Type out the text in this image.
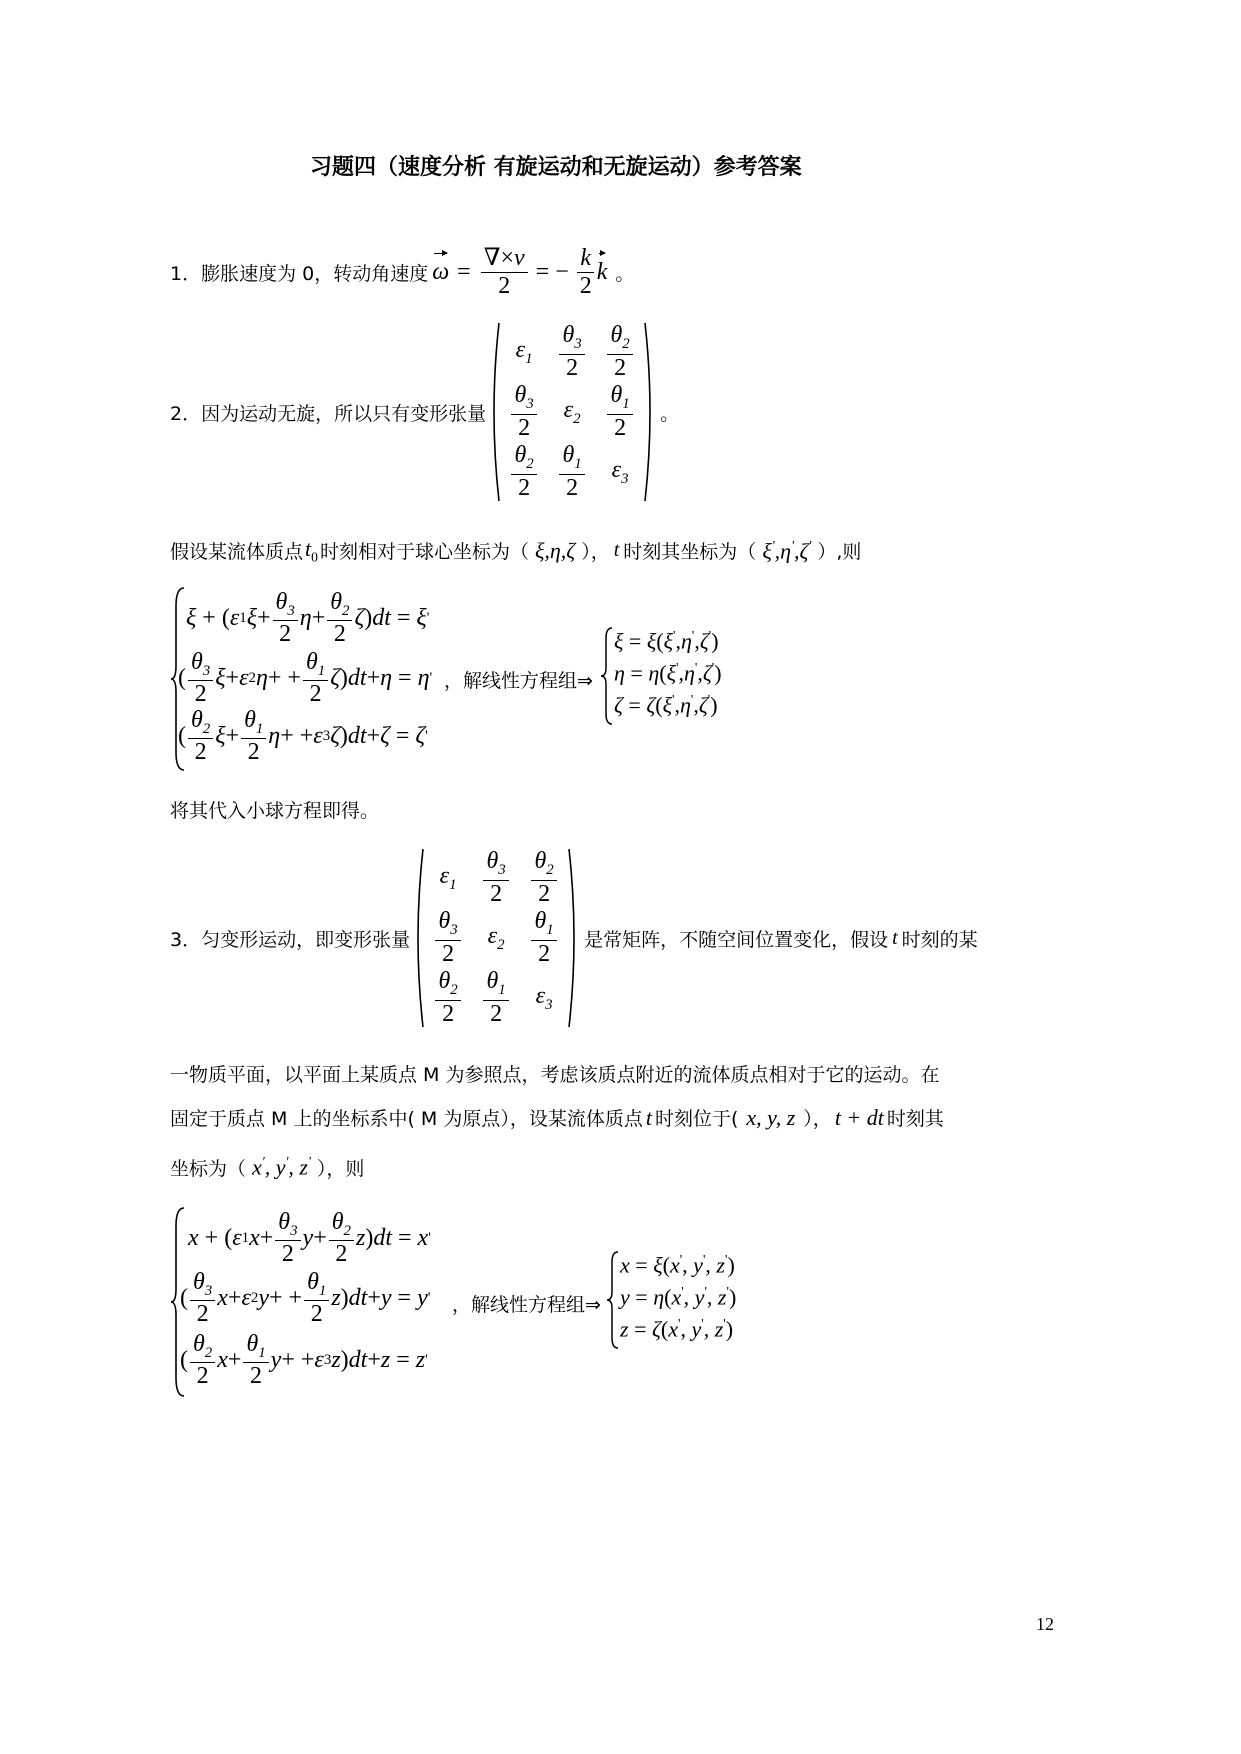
习题四（速度分析 有旋运动和无旋运动）参考答案
1．膨胀速度为 0，转动角速度 $\omega = \frac{\nabla\times v}{2}$ = − $\frac{k}{2}$ k 。
2．因为运动无旋，所以只有变形张量
$\varepsilon_1 \frac{\theta_3}{2} \frac{\theta_2}{2}$
$\frac{\theta_3}{2} \varepsilon_2 \frac{\theta_1}{2}$
$\frac{\theta_2}{2} \frac{\theta_1}{2} \varepsilon_3$
。
假设某流体质点 $t_0$ 时刻相对于球心坐标为（ ξ,η,ζ ）， t 时刻其坐标为（ ξ',η',ζ' ）,则
ξ + ( ε 1 $\xi + \frac{\theta_3}{2}$ $\eta + \frac{\theta_2}{2}$ ζ ) dt = ξ '
( $\frac{\theta_3}{2}$ ξ + ε 2 η + + $\frac{\theta_1}{2}$ ζ ) dt + η = η '
( $\frac{\theta_2}{2}$ $\xi + \frac{\theta_1}{2}$ η + + ε 3 ζ ) dt + ζ = ζ '
，解线性方程组⇒
ξ = ξ(ξ',η',ζ')
η = η(ξ',η',ζ')
ζ = ζ(ξ',η',ζ')
将其代入小球方程即得。
3．匀变形运动，即变形张量
$\varepsilon_1 \frac{\theta_3}{2} \frac{\theta_2}{2}$
$\frac{\theta_3}{2} \varepsilon_2 \frac{\theta_1}{2}$
$\frac{\theta_2}{2} \frac{\theta_1}{2} \varepsilon_3$
是常矩阵，不随空间位置变化，假设 t 时刻的某
一物质平面，以平面上某质点 M 为参照点，考虑该质点附近的流体质点相对于它的运动。在
固定于质点 M 上的坐标系中( M 为原点），设某流体质点 t 时刻位于( x, y, z ）， t + dt 时刻其
坐标为（ x', y', z' ），则
x + ( ε 1 $x + \frac{\theta_3}{2}$ $y + \frac{\theta_2}{2}$ z ) dt = x '
( $\frac{\theta_3}{2}$ x + ε 2 y + + $\frac{\theta_1}{2}$ z ) dt + y = y '
( $\frac{\theta_2}{2}$ $x + \frac{\theta_1}{2}$ y + + ε 3 z ) dt + z = z '
，解线性方程组⇒
x = ξ(x', y', z')
y = η(x', y', z')
z = ζ(x', y', z')
12
